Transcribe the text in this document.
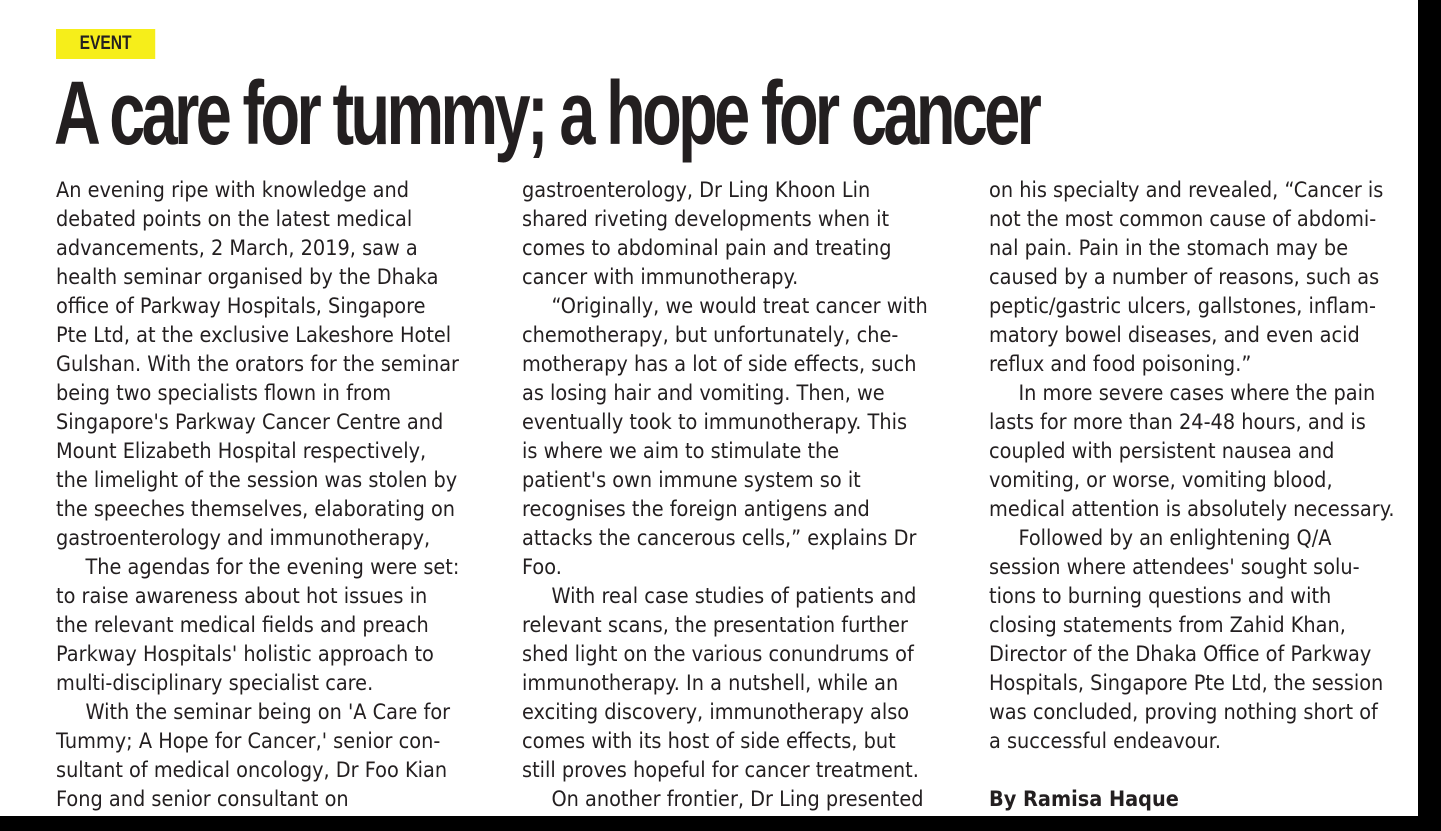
EVENT
A care for tummy; a hope for cancer
An evening ripe with knowledge and
debated points on the latest medical
advancements, 2 March, 2019, saw a
health seminar organised by the Dhaka
office of Parkway Hospitals, Singapore
Pte Ltd, at the exclusive Lakeshore Hotel
Gulshan. With the orators for the seminar
being two specialists flown in from
Singapore's Parkway Cancer Centre and
Mount Elizabeth Hospital respectively,
the limelight of the session was stolen by
the speeches themselves, elaborating on
gastroenterology and immunotherapy,
The agendas for the evening were set:
to raise awareness about hot issues in
the relevant medical fields and preach
Parkway Hospitals' holistic approach to
multi-disciplinary specialist care.
With the seminar being on 'A Care for
Tummy; A Hope for Cancer,' senior con-
sultant of medical oncology, Dr Foo Kian
Fong and senior consultant on
gastroenterology, Dr Ling Khoon Lin
shared riveting developments when it
comes to abdominal pain and treating
cancer with immunotherapy.
“Originally, we would treat cancer with
chemotherapy, but unfortunately, che-
motherapy has a lot of side effects, such
as losing hair and vomiting. Then, we
eventually took to immunotherapy. This
is where we aim to stimulate the
patient's own immune system so it
recognises the foreign antigens and
attacks the cancerous cells,” explains Dr
Foo.
With real case studies of patients and
relevant scans, the presentation further
shed light on the various conundrums of
immunotherapy. In a nutshell, while an
exciting discovery, immunotherapy also
comes with its host of side effects, but
still proves hopeful for cancer treatment.
On another frontier, Dr Ling presented
on his specialty and revealed, “Cancer is
not the most common cause of abdomi-
nal pain. Pain in the stomach may be
caused by a number of reasons, such as
peptic/gastric ulcers, gallstones, inflam-
matory bowel diseases, and even acid
reflux and food poisoning.”
In more severe cases where the pain
lasts for more than 24-48 hours, and is
coupled with persistent nausea and
vomiting, or worse, vomiting blood,
medical attention is absolutely necessary.
Followed by an enlightening Q/A
session where attendees' sought solu-
tions to burning questions and with
closing statements from Zahid Khan,
Director of the Dhaka Office of Parkway
Hospitals, Singapore Pte Ltd, the session
was concluded, proving nothing short of
a successful endeavour.
By Ramisa Haque
